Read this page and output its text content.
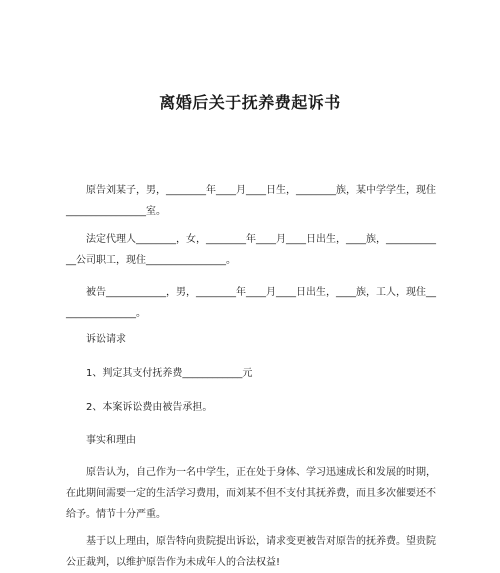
离婚后关于抚养费起诉书
原告刘某子，男，________年____月____日生，________族，某中学学生，现住
________________室。
法定代理人________，女，________年____月____日出生，____族，__________
__公司职工，现住________________。
被告____________，男，________年____月____日出生，____族，工人，现住__
______________。
诉讼请求
1、判定其支付抚养费____________元
2、本案诉讼费由被告承担。
事实和理由
原告认为，自己作为一名中学生，正在处于身体、学习迅速成长和发展的时期，
在此期间需要一定的生活学习费用，而刘某不但不支付其抚养费，而且多次催要还不
给予。情节十分严重。
基于以上理由，原告特向贵院提出诉讼，请求变更被告对原告的抚养费。望贵院
公正裁判，以维护原告作为未成年人的合法权益!
